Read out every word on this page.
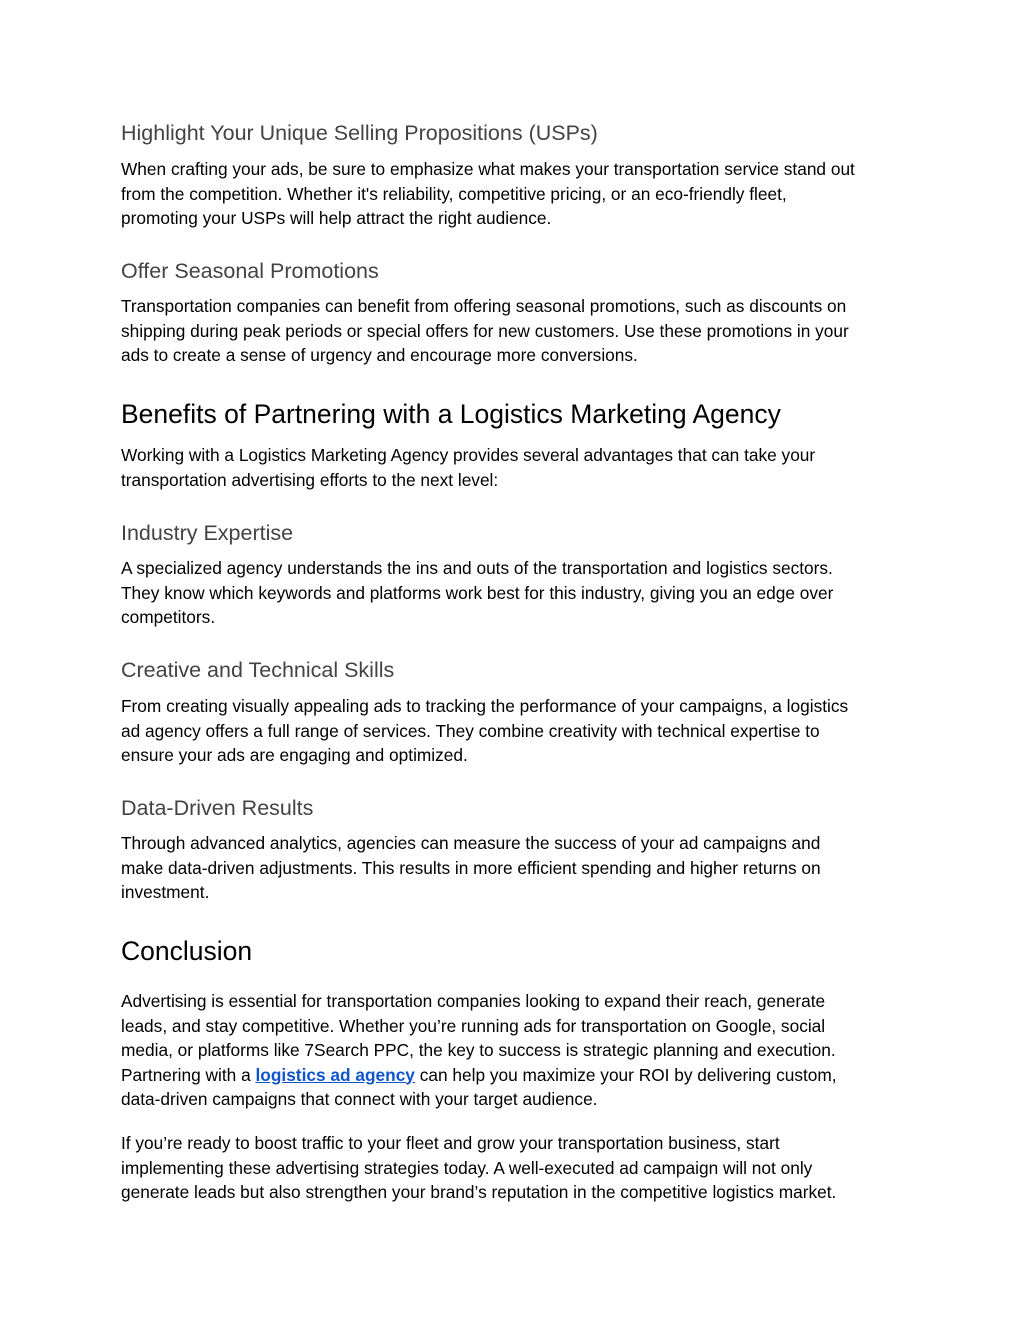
Highlight Your Unique Selling Propositions (USPs)

When crafting your ads, be sure to emphasize what makes your transportation service stand out
from the competition. Whether it's reliability, competitive pricing, or an eco-friendly fleet,
promoting your USPs will help attract the right audience.

Offer Seasonal Promotions

Transportation companies can benefit from offering seasonal promotions, such as discounts on
shipping during peak periods or special offers for new customers. Use these promotions in your
ads to create a sense of urgency and encourage more conversions.

Benefits of Partnering with a Logistics Marketing Agency

Working with a Logistics Marketing Agency provides several advantages that can take your
transportation advertising efforts to the next level:

Industry Expertise

A specialized agency understands the ins and outs of the transportation and logistics sectors.
They know which keywords and platforms work best for this industry, giving you an edge over
competitors.

Creative and Technical Skills

From creating visually appealing ads to tracking the performance of your campaigns, a logistics
ad agency offers a full range of services. They combine creativity with technical expertise to
ensure your ads are engaging and optimized.

Data-Driven Results

Through advanced analytics, agencies can measure the success of your ad campaigns and
make data-driven adjustments. This results in more efficient spending and higher returns on
investment.

Conclusion

Advertising is essential for transportation companies looking to expand their reach, generate
leads, and stay competitive. Whether you’re running ads for transportation on Google, social
media, or platforms like 7Search PPC, the key to success is strategic planning and execution.
Partnering with a logistics ad agency can help you maximize your ROI by delivering custom,
data-driven campaigns that connect with your target audience.

If you’re ready to boost traffic to your fleet and grow your transportation business, start
implementing these advertising strategies today. A well-executed ad campaign will not only
generate leads but also strengthen your brand’s reputation in the competitive logistics market.
